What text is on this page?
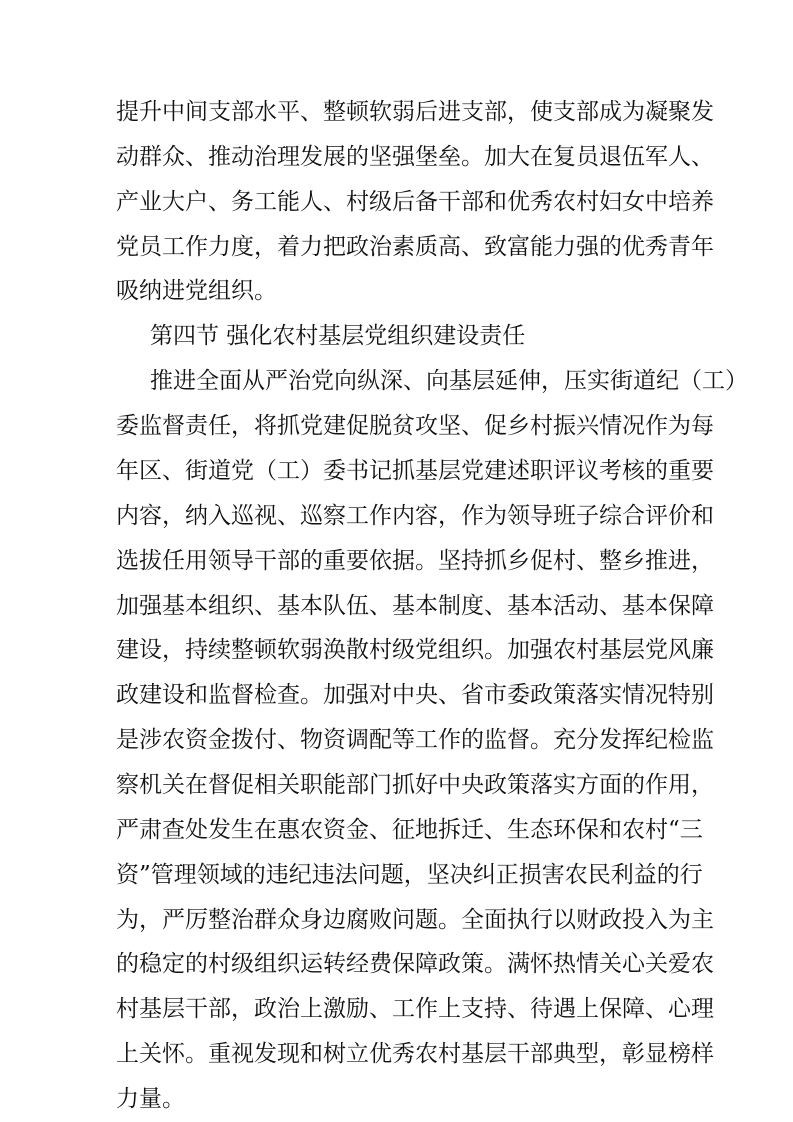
提升中间支部水平、整顿软弱后进支部，使支部成为凝聚发
动群众、推动治理发展的坚强堡垒。加大在复员退伍军人、
产业大户、务工能人、村级后备干部和优秀农村妇女中培养
党员工作力度，着力把政治素质高、致富能力强的优秀青年
吸纳进党组织。
第四节 强化农村基层党组织建设责任
推进全面从严治党向纵深、向基层延伸，压实街道纪（工）
委监督责任，将抓党建促脱贫攻坚、促乡村振兴情况作为每
年区、街道党（工）委书记抓基层党建述职评议考核的重要
内容，纳入巡视、巡察工作内容，作为领导班子综合评价和
选拔任用领导干部的重要依据。坚持抓乡促村、整乡推进，
加强基本组织、基本队伍、基本制度、基本活动、基本保障
建设，持续整顿软弱涣散村级党组织。加强农村基层党风廉
政建设和监督检查。加强对中央、省市委政策落实情况特别
是涉农资金拨付、物资调配等工作的监督。充分发挥纪检监
察机关在督促相关职能部门抓好中央政策落实方面的作用，
严肃查处发生在惠农资金、征地拆迁、生态环保和农村“三
资”管理领域的违纪违法问题，坚决纠正损害农民利益的行
为，严厉整治群众身边腐败问题。全面执行以财政投入为主
的稳定的村级组织运转经费保障政策。满怀热情关心关爱农
村基层干部，政治上激励、工作上支持、待遇上保障、心理
上关怀。重视发现和树立优秀农村基层干部典型，彰显榜样
力量。
